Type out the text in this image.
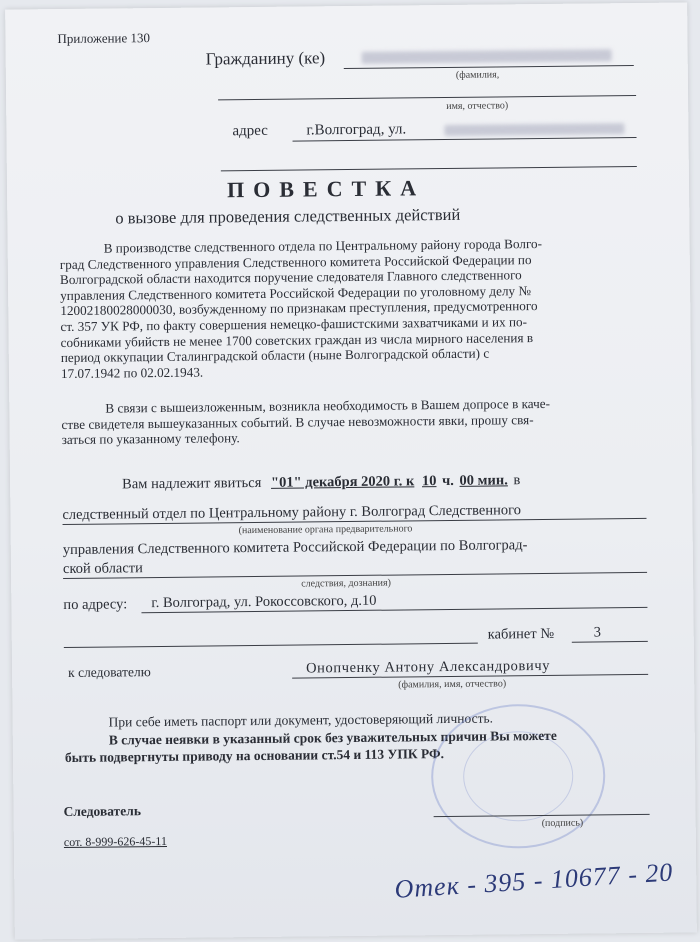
Приложение 130
Гражданину (ке)
(фамилия,
имя, отчество)
адрес	г.Волгоград, ул.
ПОВЕСТКА
о вызове для проведения следственных действий
В производстве следственного отдела по Центральному району города Волго-
град Следственного управления Следственного комитета Российской Федерации по
Волгоградской области находится поручение следователя Главного следственного
управления Следственного комитета Российской Федерации по уголовному делу №
12002180028000030, возбужденному по признакам преступления, предусмотренного
ст. 357 УК РФ, по факту совершения немецко-фашистскими захватчиками и их по-
собниками убийств не менее 1700 советских граждан из числа мирного населения в
период оккупации Сталинградской области (ныне Волгоградской области) с
17.07.1942 по 02.02.1943.
В связи с вышеизложенным, возникла необходимость в Вашем допросе в каче-
стве свидетеля вышеуказанных событий. В случае невозможности явки, прошу свя-
заться по указанному телефону.
Вам надлежит явиться "01" декабря 2020 г. к 10 ч. 00 мин. в
следственный отдел по Центральному району г. Волгоград Следственного
(наименование органа предварительного
управления Следственного комитета Российской Федерации по Волгоград-
ской области
следствия, дознания)
по адресу: г. Волгоград, ул. Рокоссовского, д.10
кабинет №	3
к следователю	Онопченку Антону Александровичу
(фамилия, имя, отчество)
При себе иметь паспорт или документ, удостоверяющий личность.
В случае неявки в указанный срок без уважительных причин Вы можете
быть подвергнуты приводу на основании ст.54 и 113 УПК РФ.
Следователь
(подпись)
сот. 8-999-626-45-11
Отек - 395 - 10677 - 20
